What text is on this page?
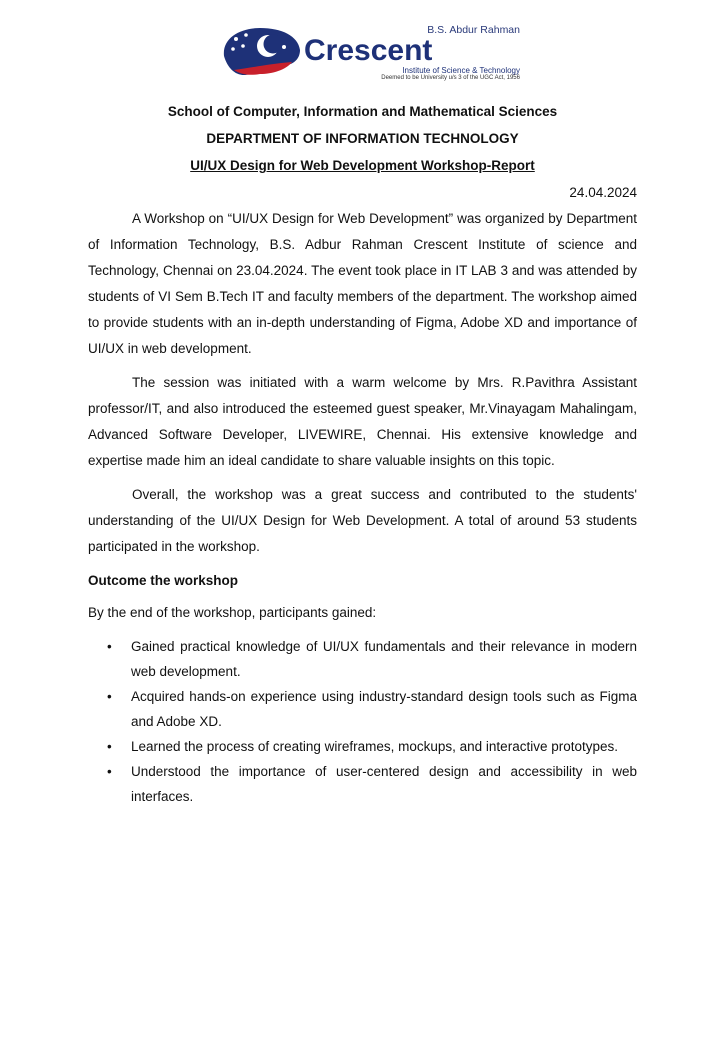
B.S. Abdur Rahman
Crescent
Institute of Science & Technology
Deemed to be University u/s 3 of the UGC Act, 1956

School of Computer, Information and Mathematical Sciences

DEPARTMENT OF INFORMATION TECHNOLOGY

UI/UX Design for Web Development Workshop-Report

24.04.2024

A Workshop on “UI/UX Design for Web Development” was organized by Department of Information Technology, B.S. Adbur Rahman Crescent Institute of science and Technology, Chennai on 23.04.2024. The event took place in IT LAB 3 and was attended by students of VI Sem B.Tech IT and faculty members of the department. The workshop aimed to provide students with an in-depth understanding of Figma, Adobe XD and importance of UI/UX in web development.

The session was initiated with a warm welcome by Mrs. R.Pavithra Assistant professor/IT, and also introduced the esteemed guest speaker, Mr.Vinayagam Mahalingam, Advanced Software Developer, LIVEWIRE, Chennai. His extensive knowledge and expertise made him an ideal candidate to share valuable insights on this topic.

Overall, the workshop was a great success and contributed to the students' understanding of the UI/UX Design for Web Development. A total of around 53 students participated in the workshop.

Outcome the workshop

By the end of the workshop, participants gained:

• Gained practical knowledge of UI/UX fundamentals and their relevance in modern web development.
• Acquired hands-on experience using industry-standard design tools such as Figma and Adobe XD.
• Learned the process of creating wireframes, mockups, and interactive prototypes.
• Understood the importance of user-centered design and accessibility in web interfaces.
